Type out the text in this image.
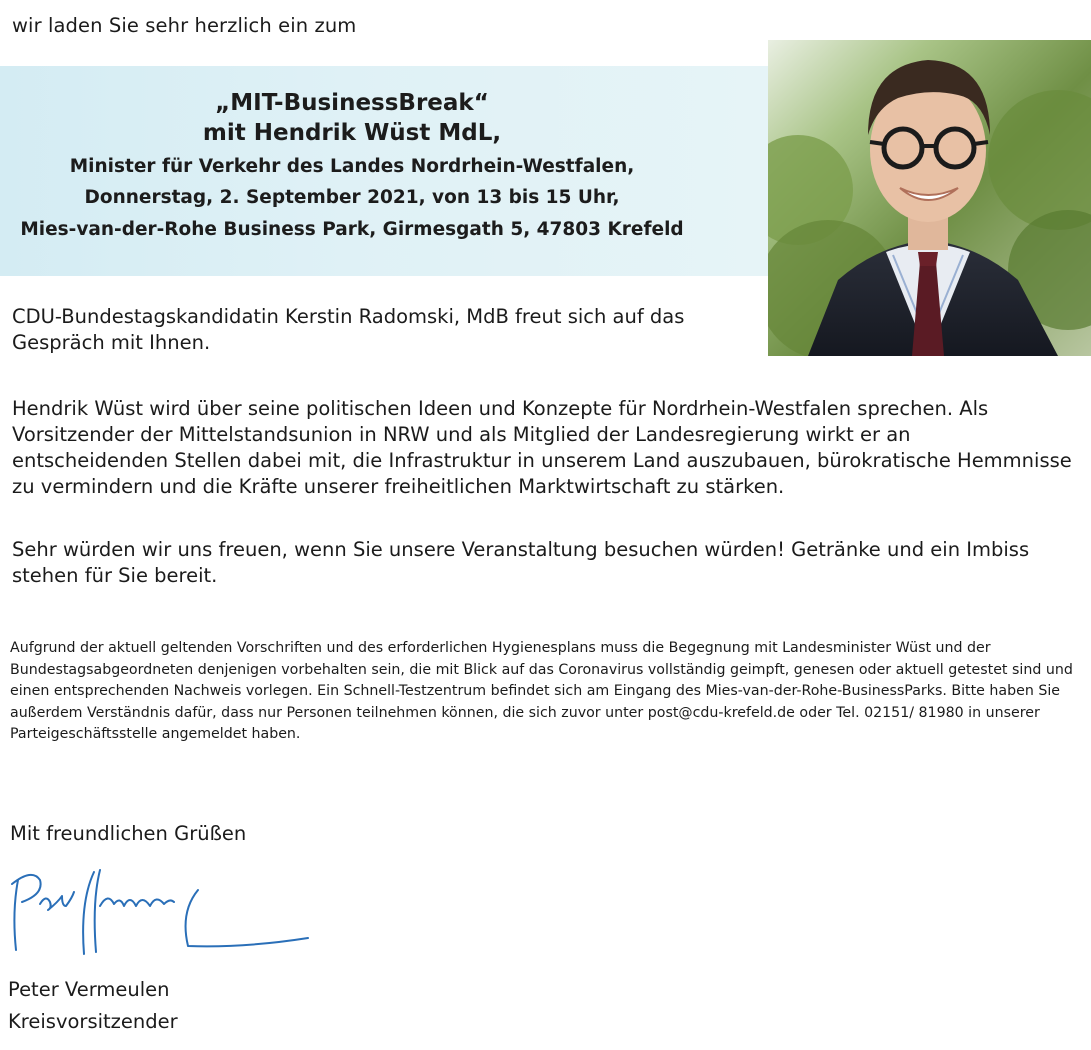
wir laden Sie sehr herzlich ein zum
„MIT-BusinessBreak“
mit Hendrik Wüst MdL,
Minister für Verkehr des Landes Nordrhein-Westfalen,
Donnerstag, 2. September 2021, von 13 bis 15 Uhr,
Mies-van-der-Rohe Business Park, Girmesgath 5, 47803 Krefeld
CDU-Bundestagskandidatin Kerstin Radomski, MdB freut sich auf das Gespräch mit Ihnen.
Hendrik Wüst wird über seine politischen Ideen und Konzepte für Nordrhein-Westfalen sprechen. Als Vorsitzender der Mittelstandsunion in NRW und als Mitglied der Landesregierung wirkt er an entscheidenden Stellen dabei mit, die Infrastruktur in unserem Land auszubauen, bürokratische Hemmnisse zu vermindern und die Kräfte unserer freiheitlichen Marktwirtschaft zu stärken.
Sehr würden wir uns freuen, wenn Sie unsere Veranstaltung besuchen würden! Getränke und ein Imbiss stehen für Sie bereit.
Aufgrund der aktuell geltenden Vorschriften und des erforderlichen Hygienesplans muss die Begegnung mit Landesminister Wüst und der Bundestagsabgeordneten denjenigen vorbehalten sein, die mit Blick auf das Coronavirus vollständig geimpft, genesen oder aktuell getestet sind und einen entsprechenden Nachweis vorlegen. Ein Schnell-Testzentrum befindet sich am Eingang des Mies-van-der-Rohe-BusinessParks. Bitte haben Sie außerdem Verständnis dafür, dass nur Personen teilnehmen können, die sich zuvor unter post@cdu-krefeld.de oder Tel. 02151/ 81980 in unserer Parteigeschäftsstelle angemeldet haben.
Mit freundlichen Grüßen
Peter Vermeulen
Kreisvorsitzender
